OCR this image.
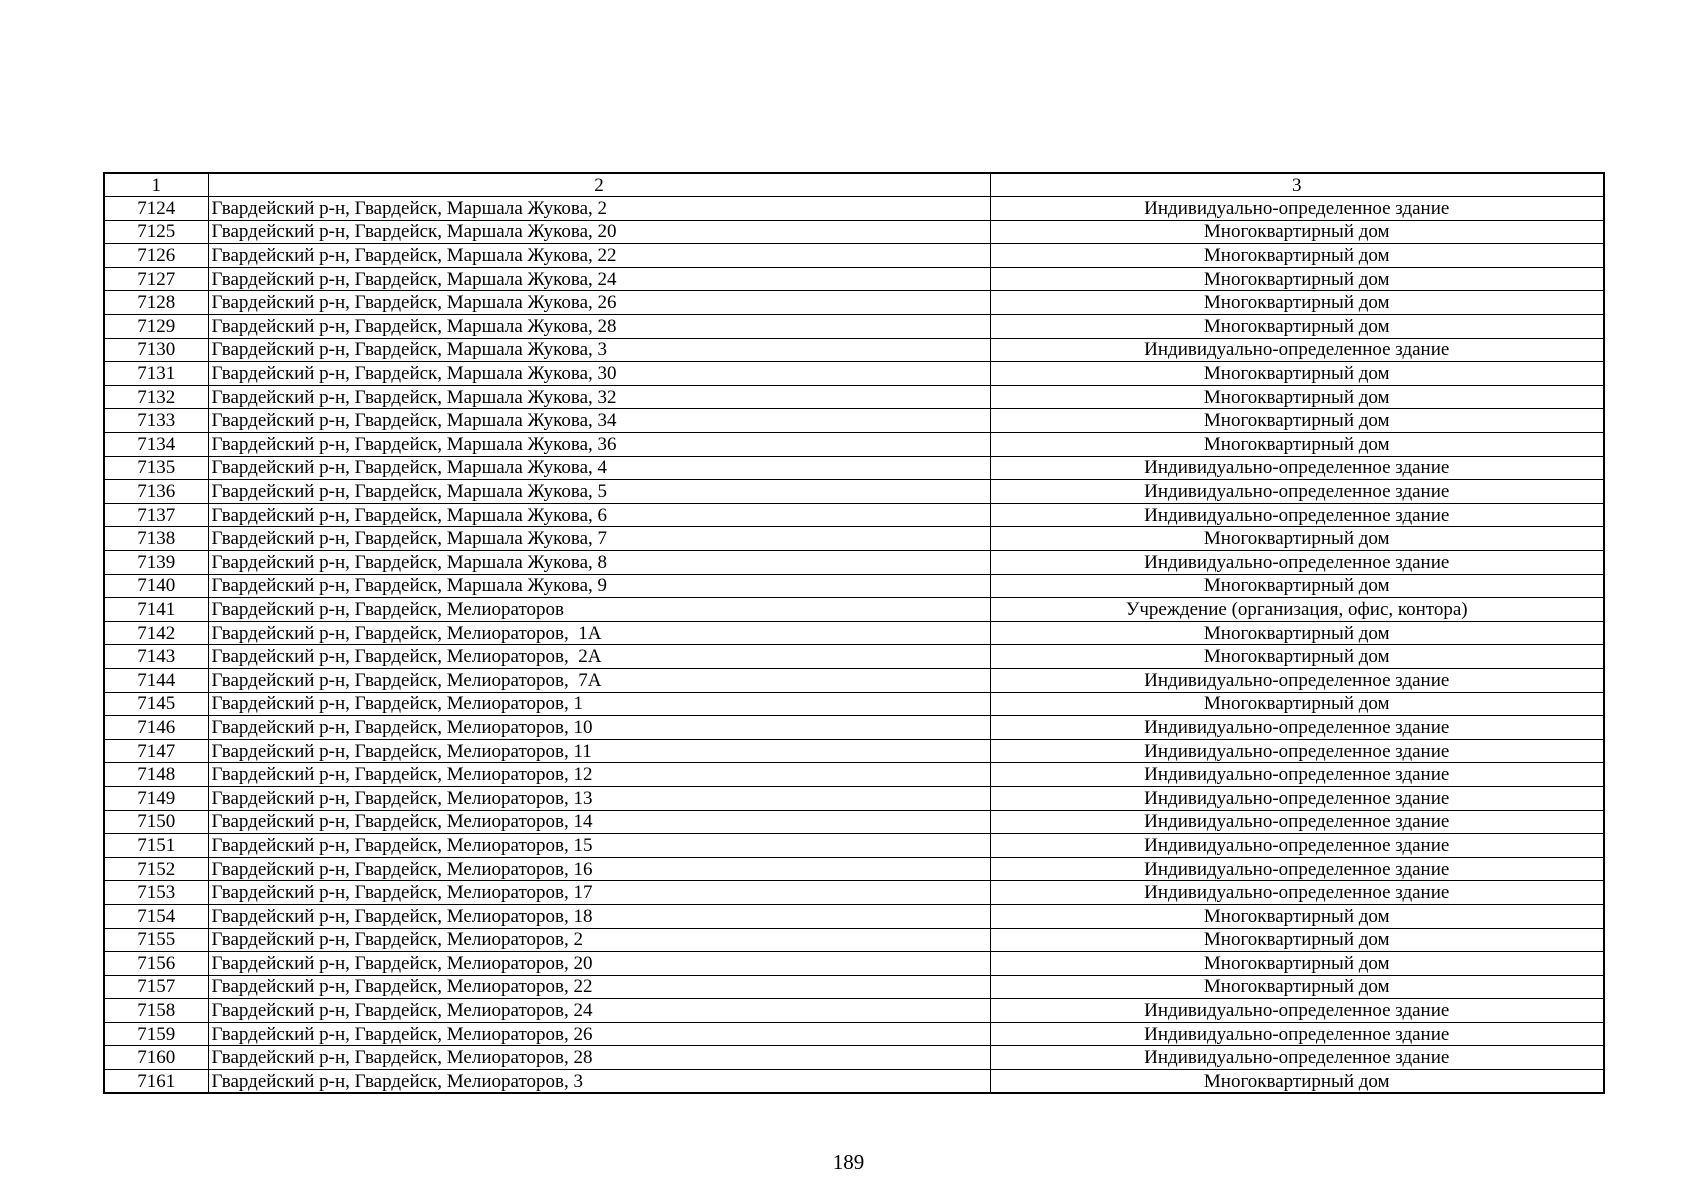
1	2	3
7124	Гвардейский р-н, Гвардейск, Маршала Жукова, 2	Индивидуально-определенное здание
7125	Гвардейский р-н, Гвардейск, Маршала Жукова, 20	Многоквартирный дом
7126	Гвардейский р-н, Гвардейск, Маршала Жукова, 22	Многоквартирный дом
7127	Гвардейский р-н, Гвардейск, Маршала Жукова, 24	Многоквартирный дом
7128	Гвардейский р-н, Гвардейск, Маршала Жукова, 26	Многоквартирный дом
7129	Гвардейский р-н, Гвардейск, Маршала Жукова, 28	Многоквартирный дом
7130	Гвардейский р-н, Гвардейск, Маршала Жукова, 3	Индивидуально-определенное здание
7131	Гвардейский р-н, Гвардейск, Маршала Жукова, 30	Многоквартирный дом
7132	Гвардейский р-н, Гвардейск, Маршала Жукова, 32	Многоквартирный дом
7133	Гвардейский р-н, Гвардейск, Маршала Жукова, 34	Многоквартирный дом
7134	Гвардейский р-н, Гвардейск, Маршала Жукова, 36	Многоквартирный дом
7135	Гвардейский р-н, Гвардейск, Маршала Жукова, 4	Индивидуально-определенное здание
7136	Гвардейский р-н, Гвардейск, Маршала Жукова, 5	Индивидуально-определенное здание
7137	Гвардейский р-н, Гвардейск, Маршала Жукова, 6	Индивидуально-определенное здание
7138	Гвардейский р-н, Гвардейск, Маршала Жукова, 7	Многоквартирный дом
7139	Гвардейский р-н, Гвардейск, Маршала Жукова, 8	Индивидуально-определенное здание
7140	Гвардейский р-н, Гвардейск, Маршала Жукова, 9	Многоквартирный дом
7141	Гвардейский р-н, Гвардейск, Мелиораторов	Учреждение (организация, офис, контора)
7142	Гвардейский р-н, Гвардейск, Мелиораторов,  1А	Многоквартирный дом
7143	Гвардейский р-н, Гвардейск, Мелиораторов,  2А	Многоквартирный дом
7144	Гвардейский р-н, Гвардейск, Мелиораторов,  7А	Индивидуально-определенное здание
7145	Гвардейский р-н, Гвардейск, Мелиораторов, 1	Многоквартирный дом
7146	Гвардейский р-н, Гвардейск, Мелиораторов, 10	Индивидуально-определенное здание
7147	Гвардейский р-н, Гвардейск, Мелиораторов, 11	Индивидуально-определенное здание
7148	Гвардейский р-н, Гвардейск, Мелиораторов, 12	Индивидуально-определенное здание
7149	Гвардейский р-н, Гвардейск, Мелиораторов, 13	Индивидуально-определенное здание
7150	Гвардейский р-н, Гвардейск, Мелиораторов, 14	Индивидуально-определенное здание
7151	Гвардейский р-н, Гвардейск, Мелиораторов, 15	Индивидуально-определенное здание
7152	Гвардейский р-н, Гвардейск, Мелиораторов, 16	Индивидуально-определенное здание
7153	Гвардейский р-н, Гвардейск, Мелиораторов, 17	Индивидуально-определенное здание
7154	Гвардейский р-н, Гвардейск, Мелиораторов, 18	Многоквартирный дом
7155	Гвардейский р-н, Гвардейск, Мелиораторов, 2	Многоквартирный дом
7156	Гвардейский р-н, Гвардейск, Мелиораторов, 20	Многоквартирный дом
7157	Гвардейский р-н, Гвардейск, Мелиораторов, 22	Многоквартирный дом
7158	Гвардейский р-н, Гвардейск, Мелиораторов, 24	Индивидуально-определенное здание
7159	Гвардейский р-н, Гвардейск, Мелиораторов, 26	Индивидуально-определенное здание
7160	Гвардейский р-н, Гвардейск, Мелиораторов, 28	Индивидуально-определенное здание
7161	Гвардейский р-н, Гвардейск, Мелиораторов, 3	Многоквартирный дом
189
